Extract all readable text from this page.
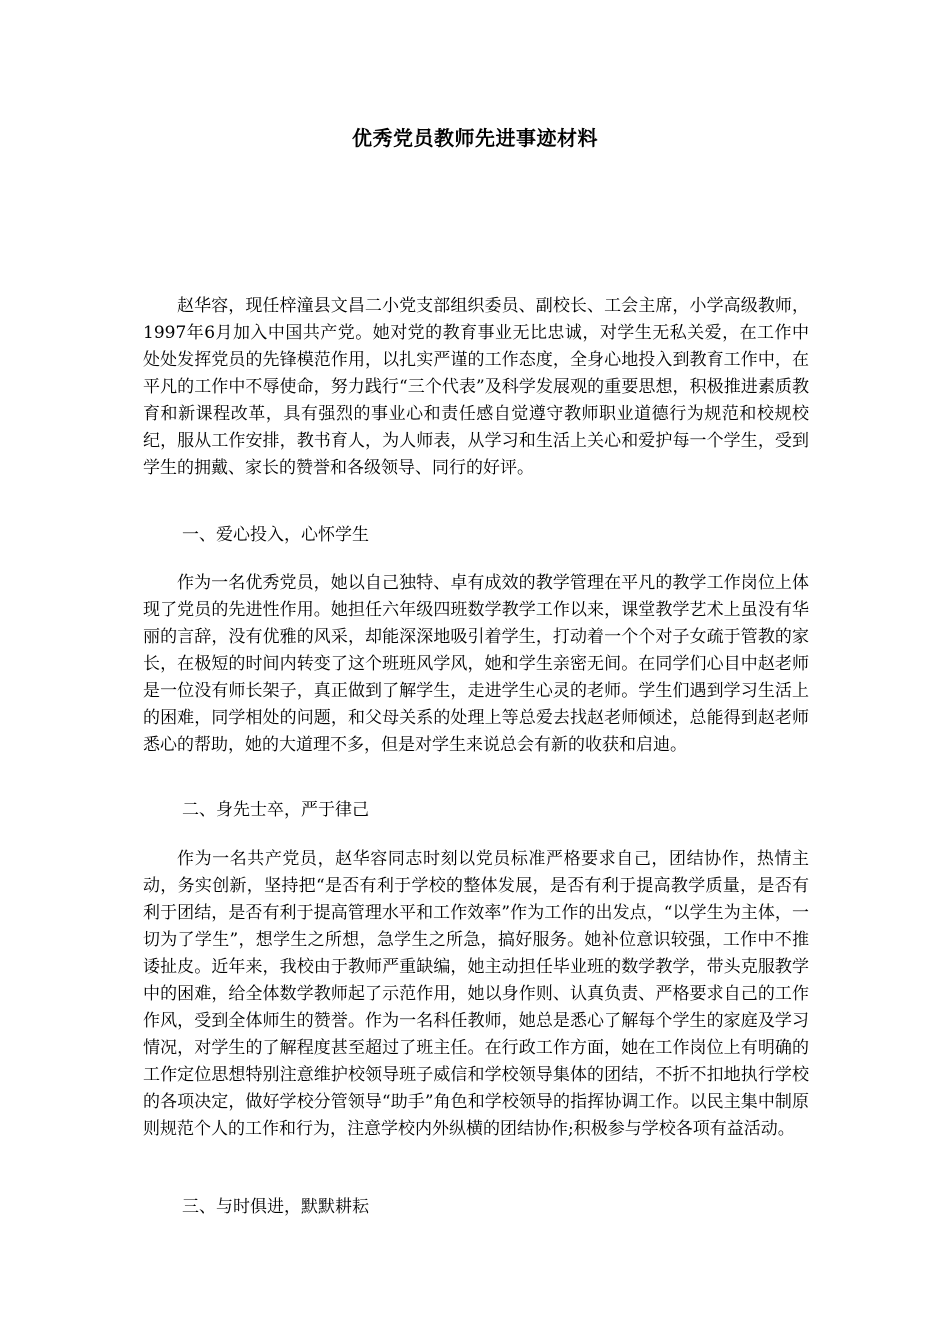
优秀党员教师先进事迹材料
赵华容，现任梓潼县文昌二小党支部组织委员、副校长、工会主席，小学高级教师，1997年6月加入中国共产党。她对党的教育事业无比忠诚，对学生无私关爱，在工作中处处发挥党员的先锋模范作用，以扎实严谨的工作态度，全身心地投入到教育工作中，在平凡的工作中不辱使命，努力践行“三个代表”及科学发展观的重要思想，积极推进素质教育和新课程改革，具有强烈的事业心和责任感自觉遵守教师职业道德行为规范和校规校纪，服从工作安排，教书育人，为人师表，从学习和生活上关心和爱护每一个学生，受到学生的拥戴、家长的赞誉和各级领导、同行的好评。
一、爱心投入，心怀学生
作为一名优秀党员，她以自己独特、卓有成效的教学管理在平凡的教学工作岗位上体现了党员的先进性作用。她担任六年级四班数学教学工作以来，课堂教学艺术上虽没有华丽的言辞，没有优雅的风采，却能深深地吸引着学生，打动着一个个对子女疏于管教的家长，在极短的时间内转变了这个班班风学风，她和学生亲密无间。在同学们心目中赵老师是一位没有师长架子，真正做到了解学生，走进学生心灵的老师。学生们遇到学习生活上的困难，同学相处的问题，和父母关系的处理上等总爱去找赵老师倾述，总能得到赵老师悉心的帮助，她的大道理不多，但是对学生来说总会有新的收获和启迪。
二、身先士卒，严于律己
作为一名共产党员，赵华容同志时刻以党员标准严格要求自己，团结协作，热情主动，务实创新，坚持把“是否有利于学校的整体发展，是否有利于提高教学质量，是否有利于团结，是否有利于提高管理水平和工作效率”作为工作的出发点，“以学生为主体，一切为了学生”，想学生之所想，急学生之所急，搞好服务。她补位意识较强，工作中不推诿扯皮。近年来，我校由于教师严重缺编，她主动担任毕业班的数学教学，带头克服教学中的困难，给全体数学教师起了示范作用，她以身作则、认真负责、严格要求自己的工作作风，受到全体师生的赞誉。作为一名科任教师，她总是悉心了解每个学生的家庭及学习情况，对学生的了解程度甚至超过了班主任。在行政工作方面，她在工作岗位上有明确的工作定位思想特别注意维护校领导班子威信和学校领导集体的团结，不折不扣地执行学校的各项决定，做好学校分管领导“助手”角色和学校领导的指挥协调工作。以民主集中制原则规范个人的工作和行为，注意学校内外纵横的团结协作;积极参与学校各项有益活动。
三、与时俱进，默默耕耘
